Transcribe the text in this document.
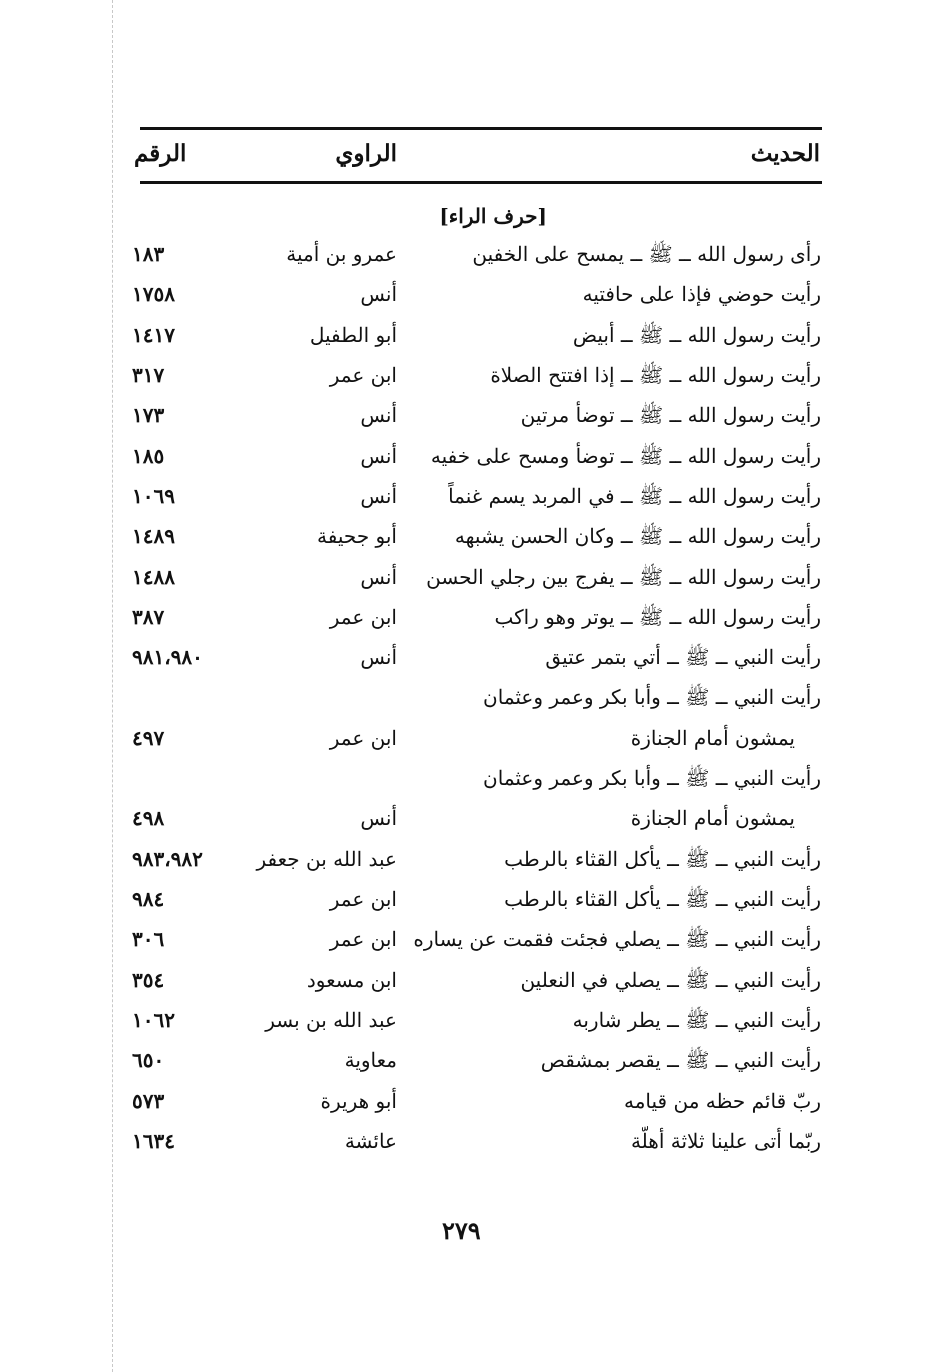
الحديث
الراوي
الرقم
[حرف الراء]
رأى رسول الله ــ ﷺ ــ يمسح على الخفين
عمرو بن أمية
١٨٣
رأيت حوضي فإذا على حافتيه
أنس
١٧٥٨
رأيت رسول الله ــ ﷺ ــ أبيض
أبو الطفيل
١٤١٧
رأيت رسول الله ــ ﷺ ــ إذا افتتح الصلاة
ابن عمر
٣١٧
رأيت رسول الله ــ ﷺ ــ توضأ مرتين
أنس
١٧٣
رأيت رسول الله ــ ﷺ ــ توضأ ومسح على خفيه
أنس
١٨٥
رأيت رسول الله ــ ﷺ ــ في المربد يسم غنماً
أنس
١٠٦٩
رأيت رسول الله ــ ﷺ ــ وكان الحسن يشبهه
أبو جحيفة
١٤٨٩
رأيت رسول الله ــ ﷺ ــ يفرج بين رجلي الحسن
أنس
١٤٨٨
رأيت رسول الله ــ ﷺ ــ يوتر وهو راكب
ابن عمر
٣٨٧
رأيت النبي ــ ﷺ ــ أتي بتمر عتيق
أنس
٩٨١،٩٨٠
رأيت النبي ــ ﷺ ــ وأبا بكر وعمر وعثمان
يمشون أمام الجنازة
ابن عمر
٤٩٧
رأيت النبي ــ ﷺ ــ وأبا بكر وعمر وعثمان
يمشون أمام الجنازة
أنس
٤٩٨
رأيت النبي ــ ﷺ ــ يأكل القثاء بالرطب
عبد الله بن جعفر
٩٨٣،٩٨٢
رأيت النبي ــ ﷺ ــ يأكل القثاء بالرطب
ابن عمر
٩٨٤
رأيت النبي ــ ﷺ ــ يصلي فجئت فقمت عن يساره
ابن عمر
٣٠٦
رأيت النبي ــ ﷺ ــ يصلي في النعلين
ابن مسعود
٣٥٤
رأيت النبي ــ ﷺ ــ يطر شاربه
عبد الله بن بسر
١٠٦٢
رأيت النبي ــ ﷺ ــ يقصر بمشقص
معاوية
٦٥٠
ربّ قائم حظه من قيامه
أبو هريرة
٥٧٣
ربّما أتى علينا ثلاثة أهلّة
عائشة
١٦٣٤
٢٧٩
